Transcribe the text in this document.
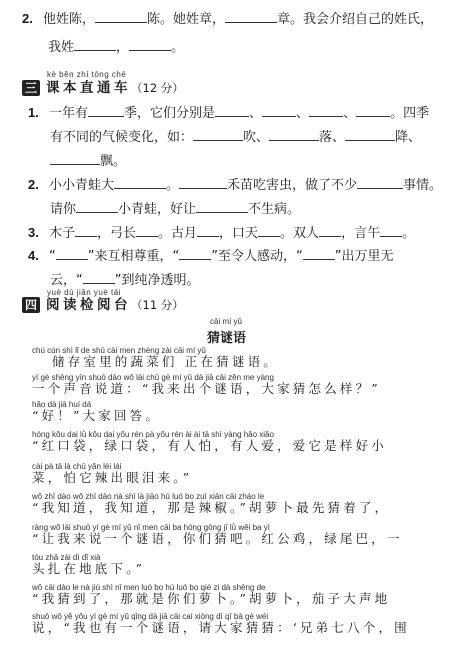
2. 他姓陈，	陈。她姓章，	章。我会介绍自己的姓氏，
我姓	，	。
kè běn zhí tōng chē
三 课本直通车（12 分）
1. 一年有	季，它们分别是	、	、	、	。四季
有不同的气候变化，如：	吹、	落、	降、
飘。
2. 小小青蛙大	。	禾苗吃害虫，做了不少	事情。
请你	小青蛙，好让	不生病。
3. 木子 ，弓长 。古月 ，口天 。双人 ，言午 。
4. “ ”来互相尊重，“ ”至令人感动，“ ”出万里无
云，“ ”到纯净透明。
yuè dú jiǎn yuè tái
四 阅读检阅台（11 分）
cāi mí yǔ
猜谜语
chú cún shì lǐ de shū cài men zhèng zài cāi mí yǔ
储存室里的蔬菜们 正在猜谜语。
yí gè shēng yīn shuō dào wǒ lái chū gè mí yǔ dà jiā cāi zěn me yàng
一个声音说道：“我来出个谜语，大家猜怎么样？”
hǎo dà jiā huí dá
“好！”大家回答。
hóng kǒu dai lǜ kǒu dai yǒu rén pà yǒu rén ài ài tā shì yàng hǎo xiǎo
“红口袋，绿口袋，有人怕，有人爱，爱它是样好小
cài pà tā là chū yǎn lèi lái
菜，怕它辣出眼泪来。”
wǒ zhī dào wǒ zhī dào nà shì là jiāo hú luó bo zuì xiān cāi zháo le
“我知道，我知道，那是辣椒。”胡萝卜最先猜着了，
ràng wǒ lái shuō yí gè mí yǔ nǐ men cāi ba hóng gōng jī lǜ wěi ba yì
“让我来说一个谜语，你们猜吧。红公鸡，绿尾巴，一
tóu zhā zài dì dǐ xià
头扎在地底下。”
wǒ cāi dào le nà jiù shì nǐ men luó bo hú luó bo qié zi dà shēng de
“我猜到了，那就是你们萝卜。”胡萝卜，茄子大声地
shuō wǒ yě yǒu yí gè mí yǔ qǐng dà jiā cāi cai xiōng dì qī bā gè wéi
说，“我也有一个谜语，请大家猜猜：‘兄弟七八个，围
